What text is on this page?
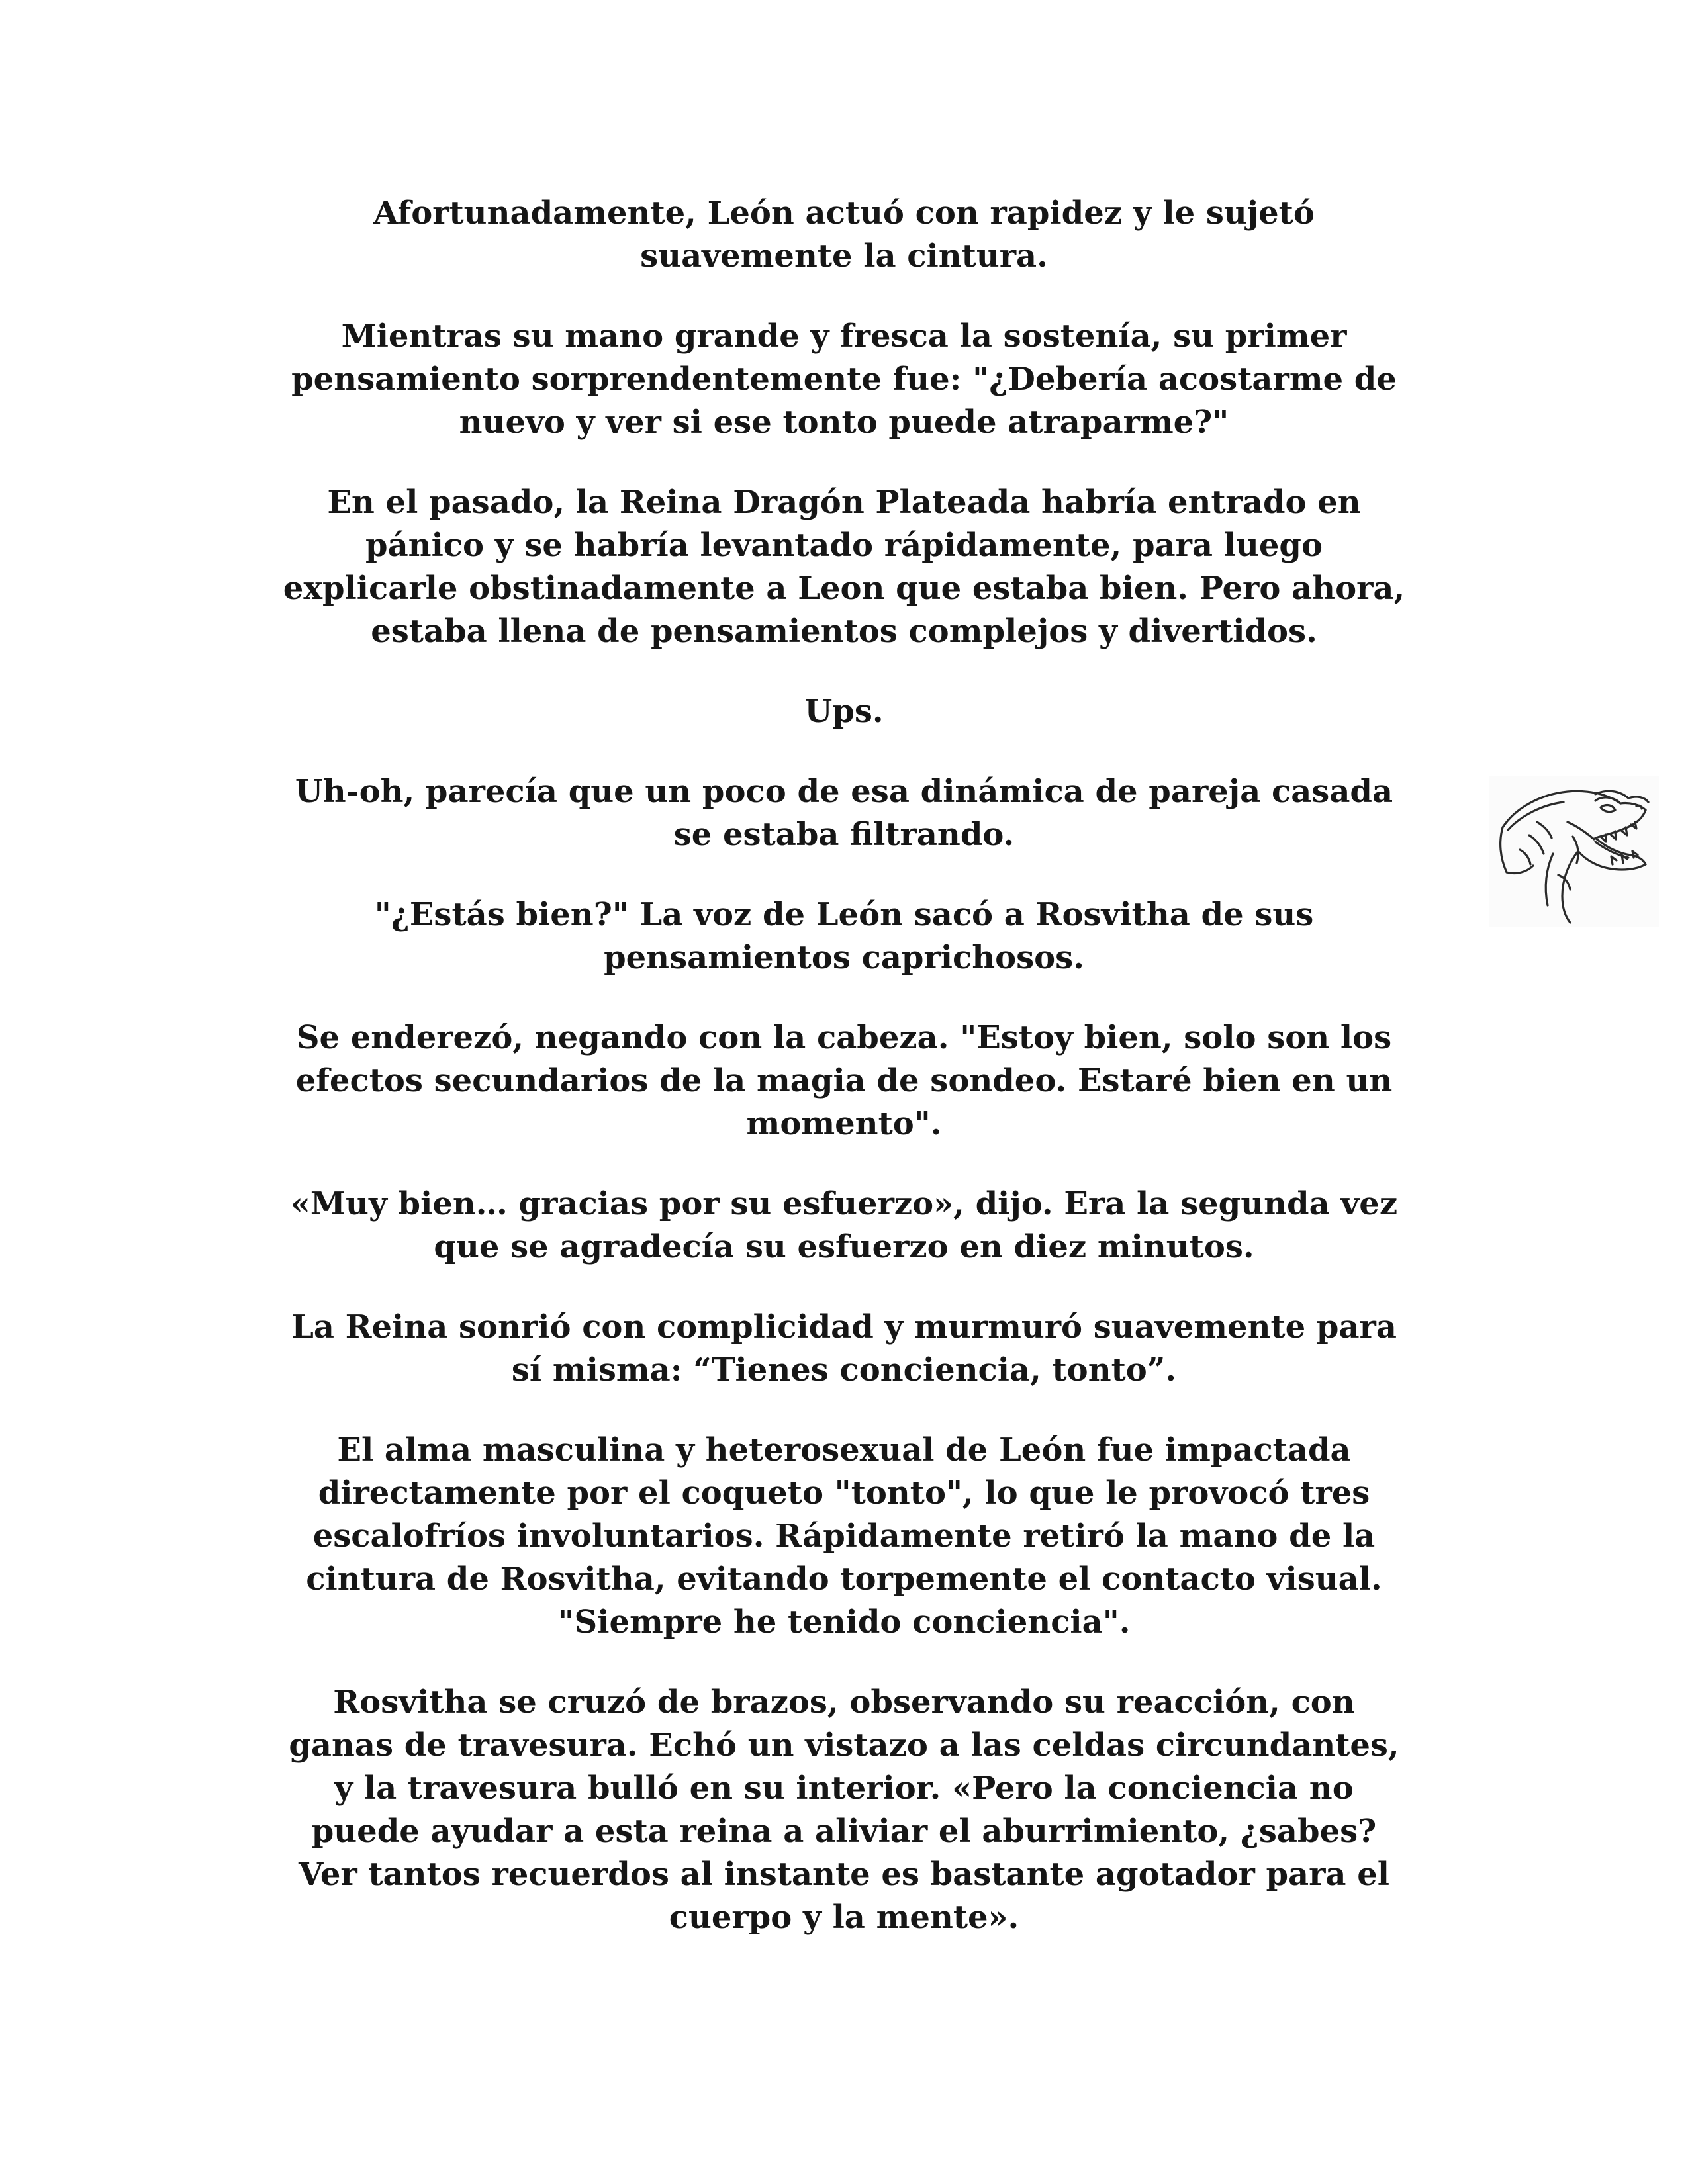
Afortunadamente, León actuó con rapidez y le sujetó
suavemente la cintura.

Mientras su mano grande y fresca la sostenía, su primer
pensamiento sorprendentemente fue: "¿Debería acostarme de
nuevo y ver si ese tonto puede atraparme?"

En el pasado, la Reina Dragón Plateada habría entrado en
pánico y se habría levantado rápidamente, para luego
explicarle obstinadamente a Leon que estaba bien. Pero ahora,
estaba llena de pensamientos complejos y divertidos.

Ups.

Uh-oh, parecía que un poco de esa dinámica de pareja casada
se estaba filtrando.

"¿Estás bien?" La voz de León sacó a Rosvitha de sus
pensamientos caprichosos.

Se enderezó, negando con la cabeza. "Estoy bien, solo son los
efectos secundarios de la magia de sondeo. Estaré bien en un
momento".

«Muy bien… gracias por su esfuerzo», dijo. Era la segunda vez
que se agradecía su esfuerzo en diez minutos.

La Reina sonrió con complicidad y murmuró suavemente para
sí misma: “Tienes conciencia, tonto”.

El alma masculina y heterosexual de León fue impactada
directamente por el coqueto "tonto", lo que le provocó tres
escalofríos involuntarios. Rápidamente retiró la mano de la
cintura de Rosvitha, evitando torpemente el contacto visual.
"Siempre he tenido conciencia".

Rosvitha se cruzó de brazos, observando su reacción, con
ganas de travesura. Echó un vistazo a las celdas circundantes,
y la travesura bulló en su interior. «Pero la conciencia no
puede ayudar a esta reina a aliviar el aburrimiento, ¿sabes?
Ver tantos recuerdos al instante es bastante agotador para el
cuerpo y la mente».
